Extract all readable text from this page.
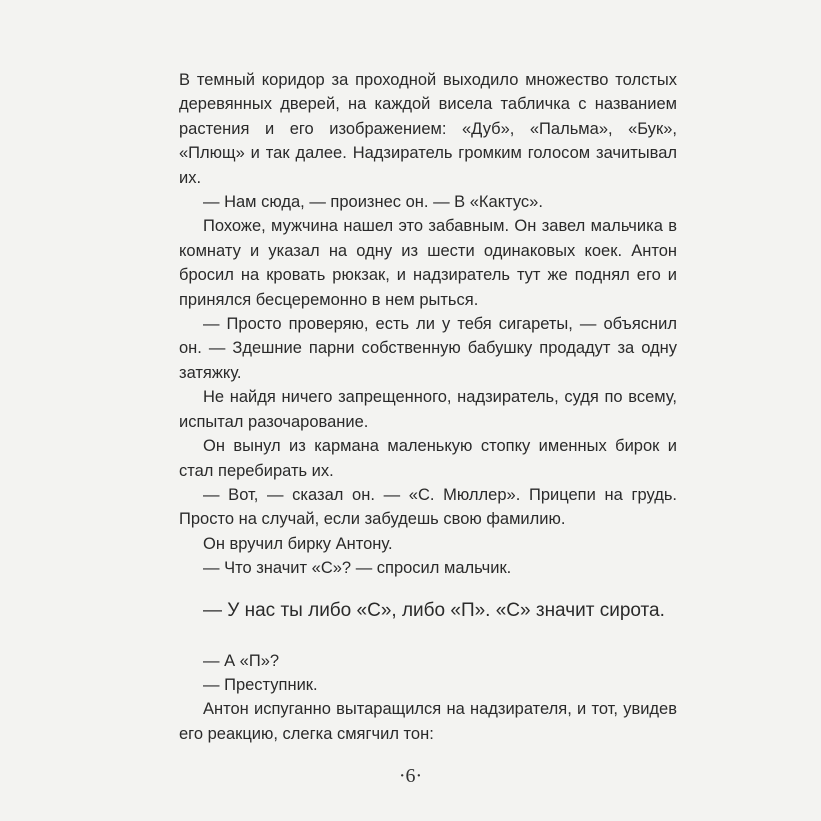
В темный коридор за проходной выходило множество толстых деревянных дверей, на каждой висела табличка с названием растения и его изображением: «Дуб», «Пальма», «Бук», «Плющ» и так далее. Надзиратель громким голосом зачитывал их.

— Нам сюда, — произнес он. — В «Кактус».

Похоже, мужчина нашел это забавным. Он завел мальчика в комнату и указал на одну из шести одинаковых коек. Антон бросил на кровать рюкзак, и надзиратель тут же поднял его и принялся бесцеремонно в нем рыться.

— Просто проверяю, есть ли у тебя сигареты, — объяснил он. — Здешние парни собственную бабушку продадут за одну затяжку.

Не найдя ничего запрещенного, надзиратель, судя по всему, испытал разочарование.

Он вынул из кармана маленькую стопку именных бирок и стал перебирать их.

— Вот, — сказал он. — «С. Мюллер». Прицепи на грудь. Просто на случай, если забудешь свою фамилию.

Он вручил бирку Антону.

— Что значит «С»? — спросил мальчик.

— У нас ты либо «С», либо «П». «С» значит сирота.

— А «П»?

— Преступник.

Антон испуганно вытаращился на надзирателя, и тот, увидев его реакцию, слегка смягчил тон:

·6·
